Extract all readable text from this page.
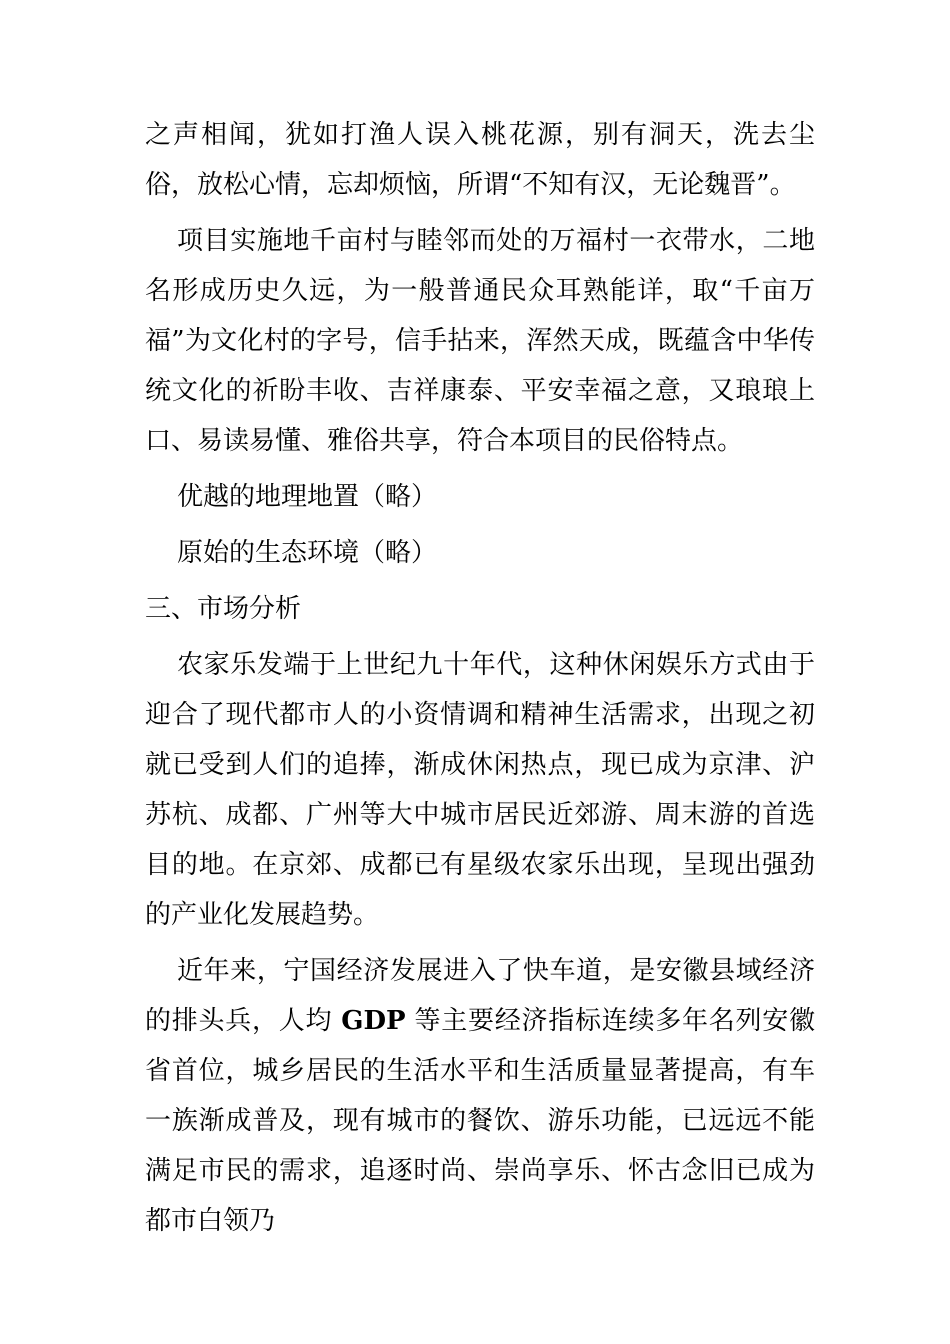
之声相闻，犹如打渔人误入桃花源，别有洞天，洗去尘俗，放松心情，忘却烦恼，所谓“不知有汉，无论魏晋”。

项目实施地千亩村与睦邻而处的万福村一衣带水，二地名形成历史久远，为一般普通民众耳熟能详，取“千亩万福”为文化村的字号，信手拈来，浑然天成，既蕴含中华传统文化的祈盼丰收、吉祥康泰、平安幸福之意，又琅琅上口、易读易懂、雅俗共享，符合本项目的民俗特点。

优越的地理地置（略）

原始的生态环境（略）

三、市场分析

农家乐发端于上世纪九十年代，这种休闲娱乐方式由于迎合了现代都市人的小资情调和精神生活需求，出现之初就已受到人们的追捧，渐成休闲热点，现已成为京津、沪苏杭、成都、广州等大中城市居民近郊游、周末游的首选目的地。在京郊、成都已有星级农家乐出现，呈现出强劲的产业化发展趋势。

近年来，宁国经济发展进入了快车道，是安徽县域经济的排头兵，人均 GDP 等主要经济指标连续多年名列安徽省首位，城乡居民的生活水平和生活质量显著提高，有车一族渐成普及，现有城市的餐饮、游乐功能，已远远不能满足市民的需求，追逐时尚、崇尚享乐、怀古念旧已成为都市白领乃
